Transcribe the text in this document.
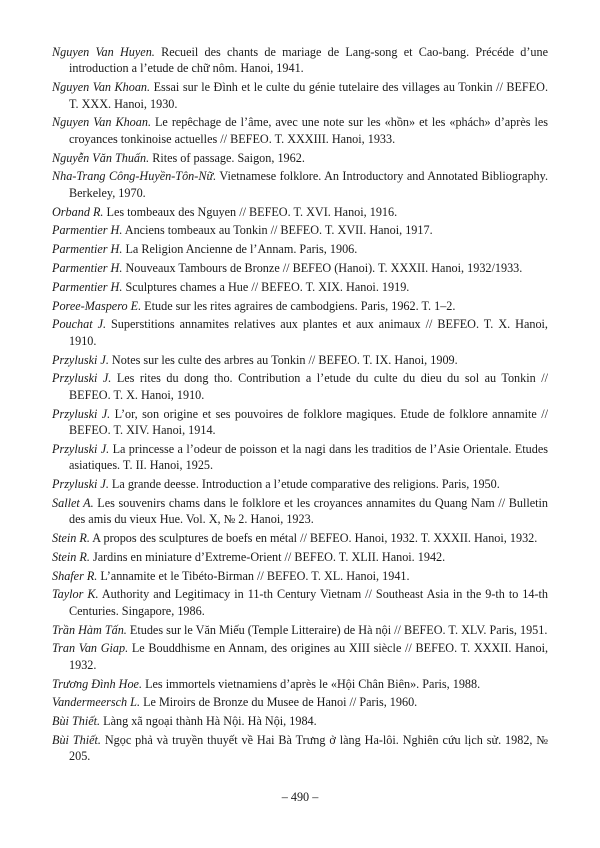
Nguyen Van Huyen. Recueil des chants de mariage de Lang-song et Cao-bang. Précéde d’une introduction a l’etude de chữ nôm. Hanoi, 1941.

Nguyen Van Khoan. Essai sur le Đình et le culte du génie tutelaire des villages au Tonkin // BEFEO. T. XXX. Hanoi, 1930.

Nguyen Van Khoan. Le repêchage de l’âme, avec une note sur les «hồn» et les «phách» d’après les croyances tonkinoise actuelles // BEFEO. T. XXXIII. Hanoi, 1933.

Nguyễn Văn Thuấn. Rites of passage. Saigon, 1962.

Nha-Trang Công-Huyền-Tôn-Nữ. Vietnamese folklore. An Introductory and Annotated Bibliography. Berkeley, 1970.

Orband R. Les tombeaux des Nguyen // BEFEO. T. XVI. Hanoi, 1916.

Parmentier H. Anciens tombeaux au Tonkin // BEFEO. T. XVII. Hanoi, 1917.

Parmentier H. La Religion Ancienne de l’Annam. Paris, 1906.

Parmentier H. Nouveaux Tambours de Bronze // BEFEO (Hanoi). T. XXXII. Hanoi, 1932/1933.

Parmentier H. Sculptures chames a Hue // BEFEO. T. XIX. Hanoi. 1919.

Poree-Maspero E. Etude sur les rites agraires de cambodgiens. Paris, 1962. T. 1–2.

Pouchat J. Superstitions annamites relatives aux plantes et aux animaux // BEFEO. T. X. Hanoi, 1910.

Przyluski J. Notes sur les culte des arbres au Tonkin // BEFEO. T. IX. Hanoi, 1909.

Przyluski J. Les rites du dong tho. Contribution a l’etude du culte du dieu du sol au Tonkin // BEFEO. T. X. Hanoi, 1910.

Przyluski J. L’or, son origine et ses pouvoires de folklore magiques. Etude de folklore annamite // BEFEO. T. XIV. Hanoi, 1914.

Przyluski J. La princesse a l’odeur de poisson et la nagi dans les traditios de l’Asie Orientale. Etudes asiatiques. T. II. Hanoi, 1925.

Przyluski J. La grande deesse. Introduction a l’etude comparative des religions. Paris, 1950.

Sallet A. Les souvenirs chams dans le folklore et les croyances annamites du Quang Nam // Bulletin des amis du vieux Hue. Vol. X, № 2. Hanoi, 1923.

Stein R. A propos des sculptures de boefs en métal // BEFEO. Hanoi, 1932. T. XXXII. Hanoi, 1932.

Stein R. Jardins en miniature d’Extreme-Orient // BEFEO. T. XLII. Hanoi. 1942.

Shafer R. L’annamite et le Tibéto-Birman // BEFEO. T. XL. Hanoi, 1941.

Taylor K. Authority and Legitimacy in 11-th Century Vietnam // Southeast Asia in the 9-th to 14-th Centuries. Singapore, 1986.

Trần Hàm Tấn. Etudes sur le Văn Miếu (Temple Litteraire) de Hà nội // BEFEO. T. XLV. Paris, 1951.

Tran Van Giap. Le Bouddhisme en Annam, des origines au XIII siècle // BEFEO. T. XXXII. Hanoi, 1932.

Trương Đình Hoe. Les immortels vietnamiens d’après le «Hội Chân Biên». Paris, 1988.

Vandermeersch L. Le Miroirs de Bronze du Musee de Hanoi // Paris, 1960.

Bùi Thiết. Làng xã ngoại thành Hà Nội. Hà Nội, 1984.

Bùi Thiết. Ngọc phả và truyền thuyết về Hai Bà Trưng ở làng Ha-lôi. Nghiên cứu lịch sử. 1982, № 205.

– 490 –
